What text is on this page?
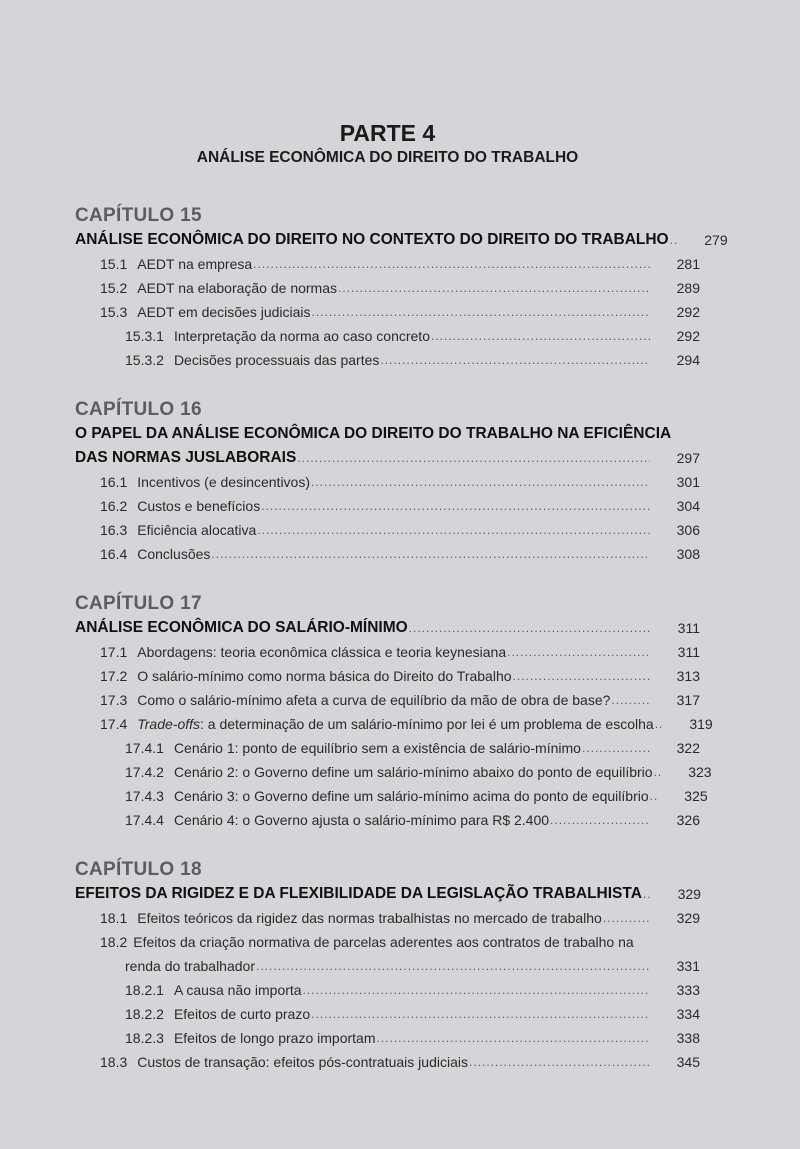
PARTE 4
ANÁLISE ECONÔMICA DO DIREITO DO TRABALHO
CAPÍTULO 15
ANÁLISE ECONÔMICA DO DIREITO NO CONTEXTO DO DIREITO DO TRABALHO .....	279
15.1 AEDT na empresa .....	281
15.2 AEDT na elaboração de normas .....	289
15.3 AEDT em decisões judiciais .....	292
15.3.1 Interpretação da norma ao caso concreto .....	292
15.3.2 Decisões processuais das partes .....	294
CAPÍTULO 16
O PAPEL DA ANÁLISE ECONÔMICA DO DIREITO DO TRABALHO NA EFICIÊNCIA
DAS NORMAS JUSLABORAIS .....	297
16.1 Incentivos (e desincentivos) .....	301
16.2 Custos e benefícios .....	304
16.3 Eficiência alocativa .....	306
16.4 Conclusões .....	308
CAPÍTULO 17
ANÁLISE ECONÔMICA DO SALÁRIO-MÍNIMO .....	311
17.1 Abordagens: teoria econômica clássica e teoria keynesiana .....	311
17.2 O salário-mínimo como norma básica do Direito do Trabalho .....	313
17.3 Como o salário-mínimo afeta a curva de equilíbrio da mão de obra de base? .....	317
17.4 Trade-offs: a determinação de um salário-mínimo por lei é um problema de escolha .....	319
17.4.1 Cenário 1: ponto de equilíbrio sem a existência de salário-mínimo .....	322
17.4.2 Cenário 2: o Governo define um salário-mínimo abaixo do ponto de equilíbrio .....	323
17.4.3 Cenário 3: o Governo define um salário-mínimo acima do ponto de equilíbrio .....	325
17.4.4 Cenário 4: o Governo ajusta o salário-mínimo para R$ 2.400 .....	326
CAPÍTULO 18
EFEITOS DA RIGIDEZ E DA FLEXIBILIDADE DA LEGISLAÇÃO TRABALHISTA .....	329
18.1 Efeitos teóricos da rigidez das normas trabalhistas no mercado de trabalho .....	329
18.2 Efeitos da criação normativa de parcelas aderentes aos contratos de trabalho na
renda do trabalhador .....	331
18.2.1 A causa não importa .....	333
18.2.2 Efeitos de curto prazo .....	334
18.2.3 Efeitos de longo prazo importam .....	338
18.3 Custos de transação: efeitos pós-contratuais judiciais .....	345
